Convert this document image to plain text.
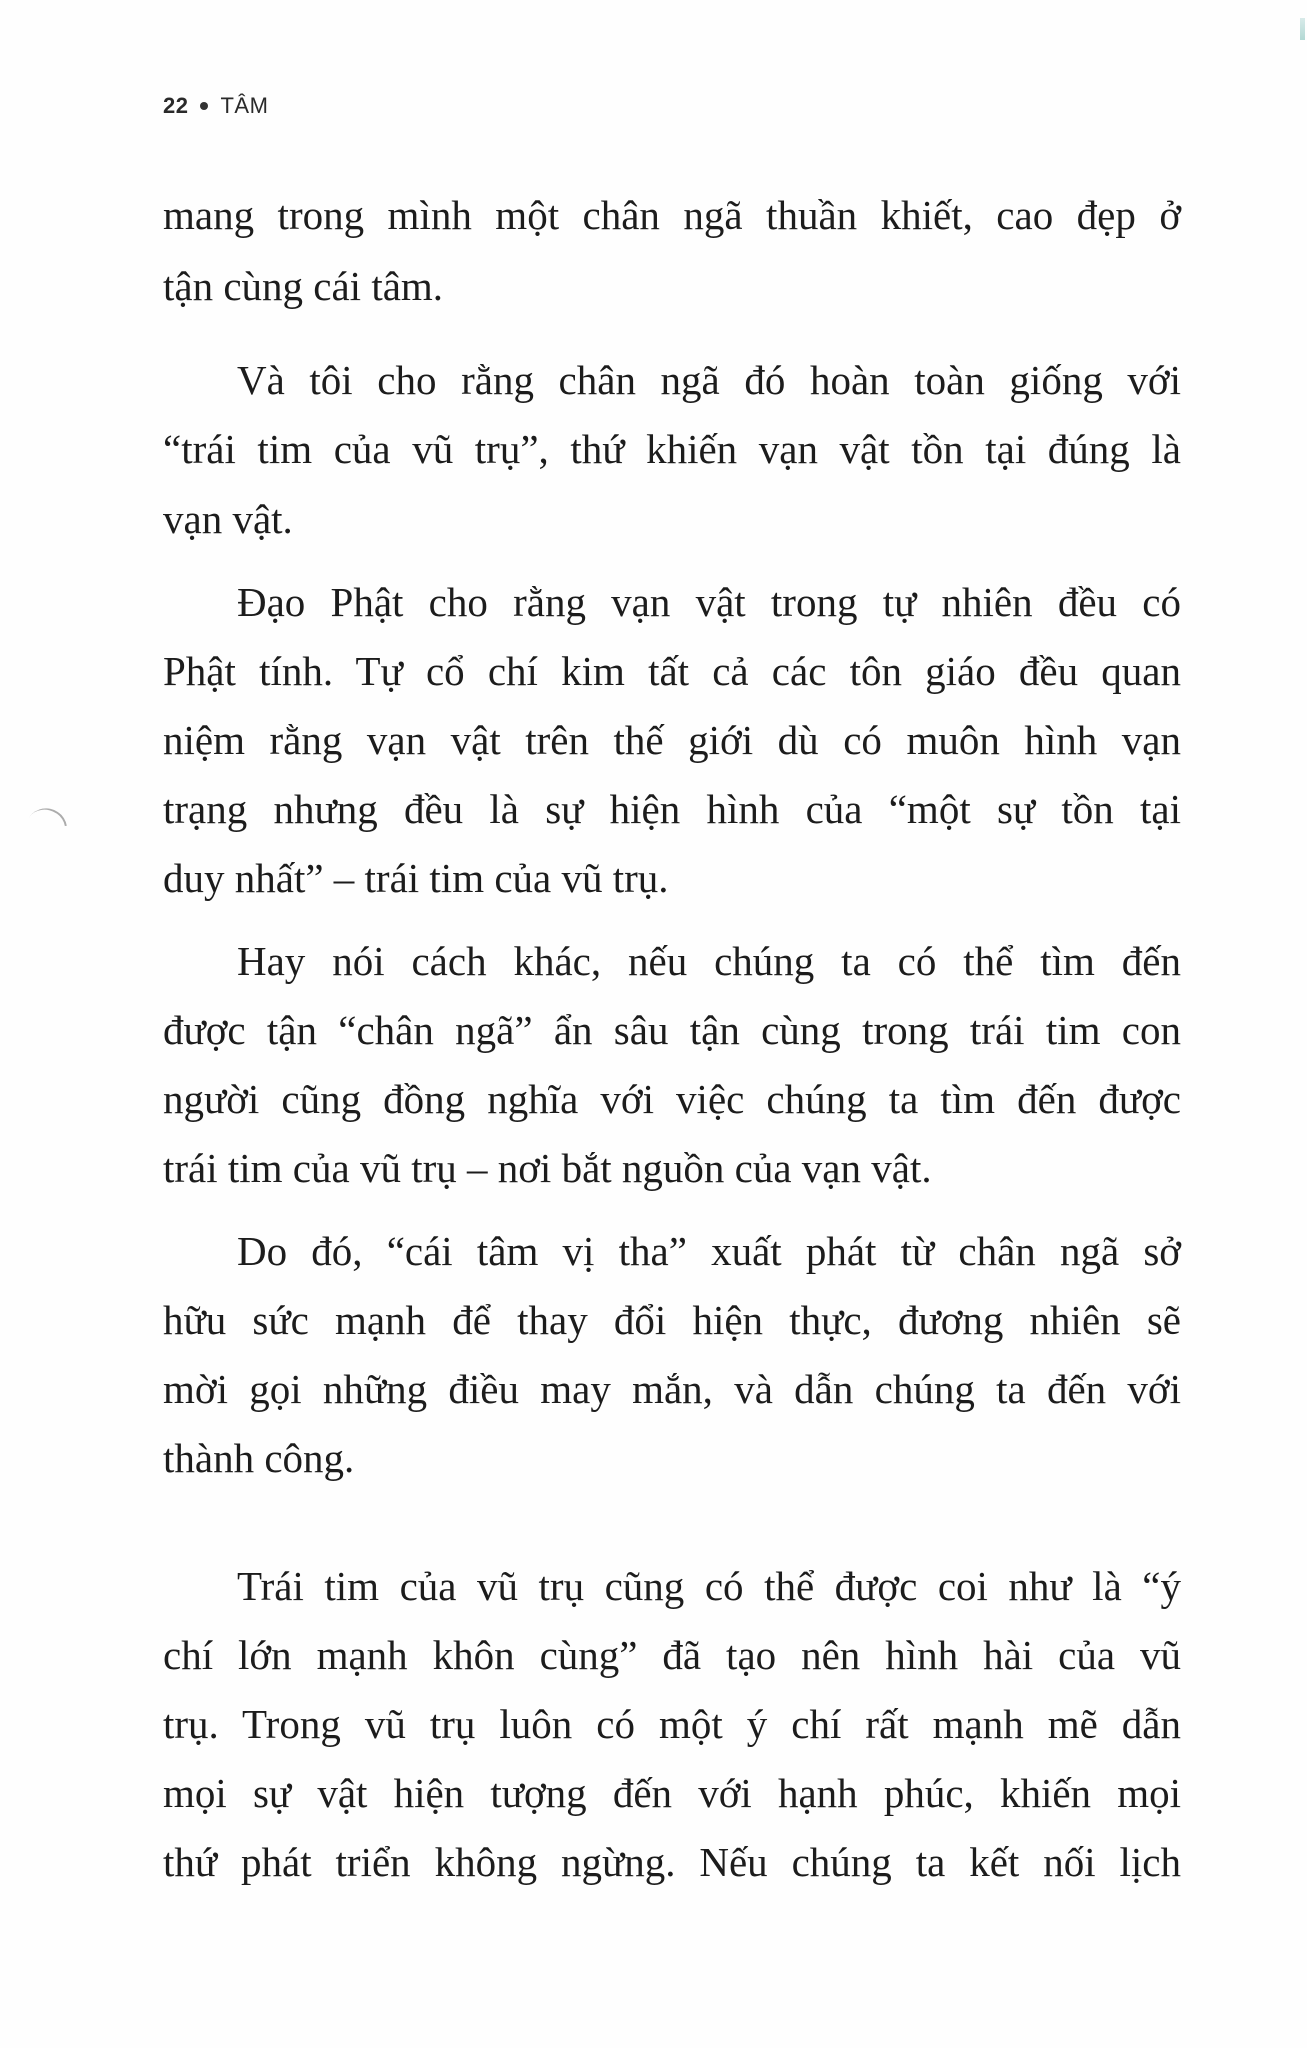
22 TÂM
mang trong mình một chân ngã thuần khiết, cao đẹp ở
tận cùng cái tâm.
Và tôi cho rằng chân ngã đó hoàn toàn giống với
“trái tim của vũ trụ”, thứ khiến vạn vật tồn tại đúng là
vạn vật.
Đạo Phật cho rằng vạn vật trong tự nhiên đều có
Phật tính. Tự cổ chí kim tất cả các tôn giáo đều quan
niệm rằng vạn vật trên thế giới dù có muôn hình vạn
trạng nhưng đều là sự hiện hình của “một sự tồn tại
duy nhất” – trái tim của vũ trụ.
Hay nói cách khác, nếu chúng ta có thể tìm đến
được tận “chân ngã” ẩn sâu tận cùng trong trái tim con
người cũng đồng nghĩa với việc chúng ta tìm đến được
trái tim của vũ trụ – nơi bắt nguồn của vạn vật.
Do đó, “cái tâm vị tha” xuất phát từ chân ngã sở
hữu sức mạnh để thay đổi hiện thực, đương nhiên sẽ
mời gọi những điều may mắn, và dẫn chúng ta đến với
thành công.
Trái tim của vũ trụ cũng có thể được coi như là “ý
chí lớn mạnh khôn cùng” đã tạo nên hình hài của vũ
trụ. Trong vũ trụ luôn có một ý chí rất mạnh mẽ dẫn
mọi sự vật hiện tượng đến với hạnh phúc, khiến mọi
thứ phát triển không ngừng. Nếu chúng ta kết nối lịch
